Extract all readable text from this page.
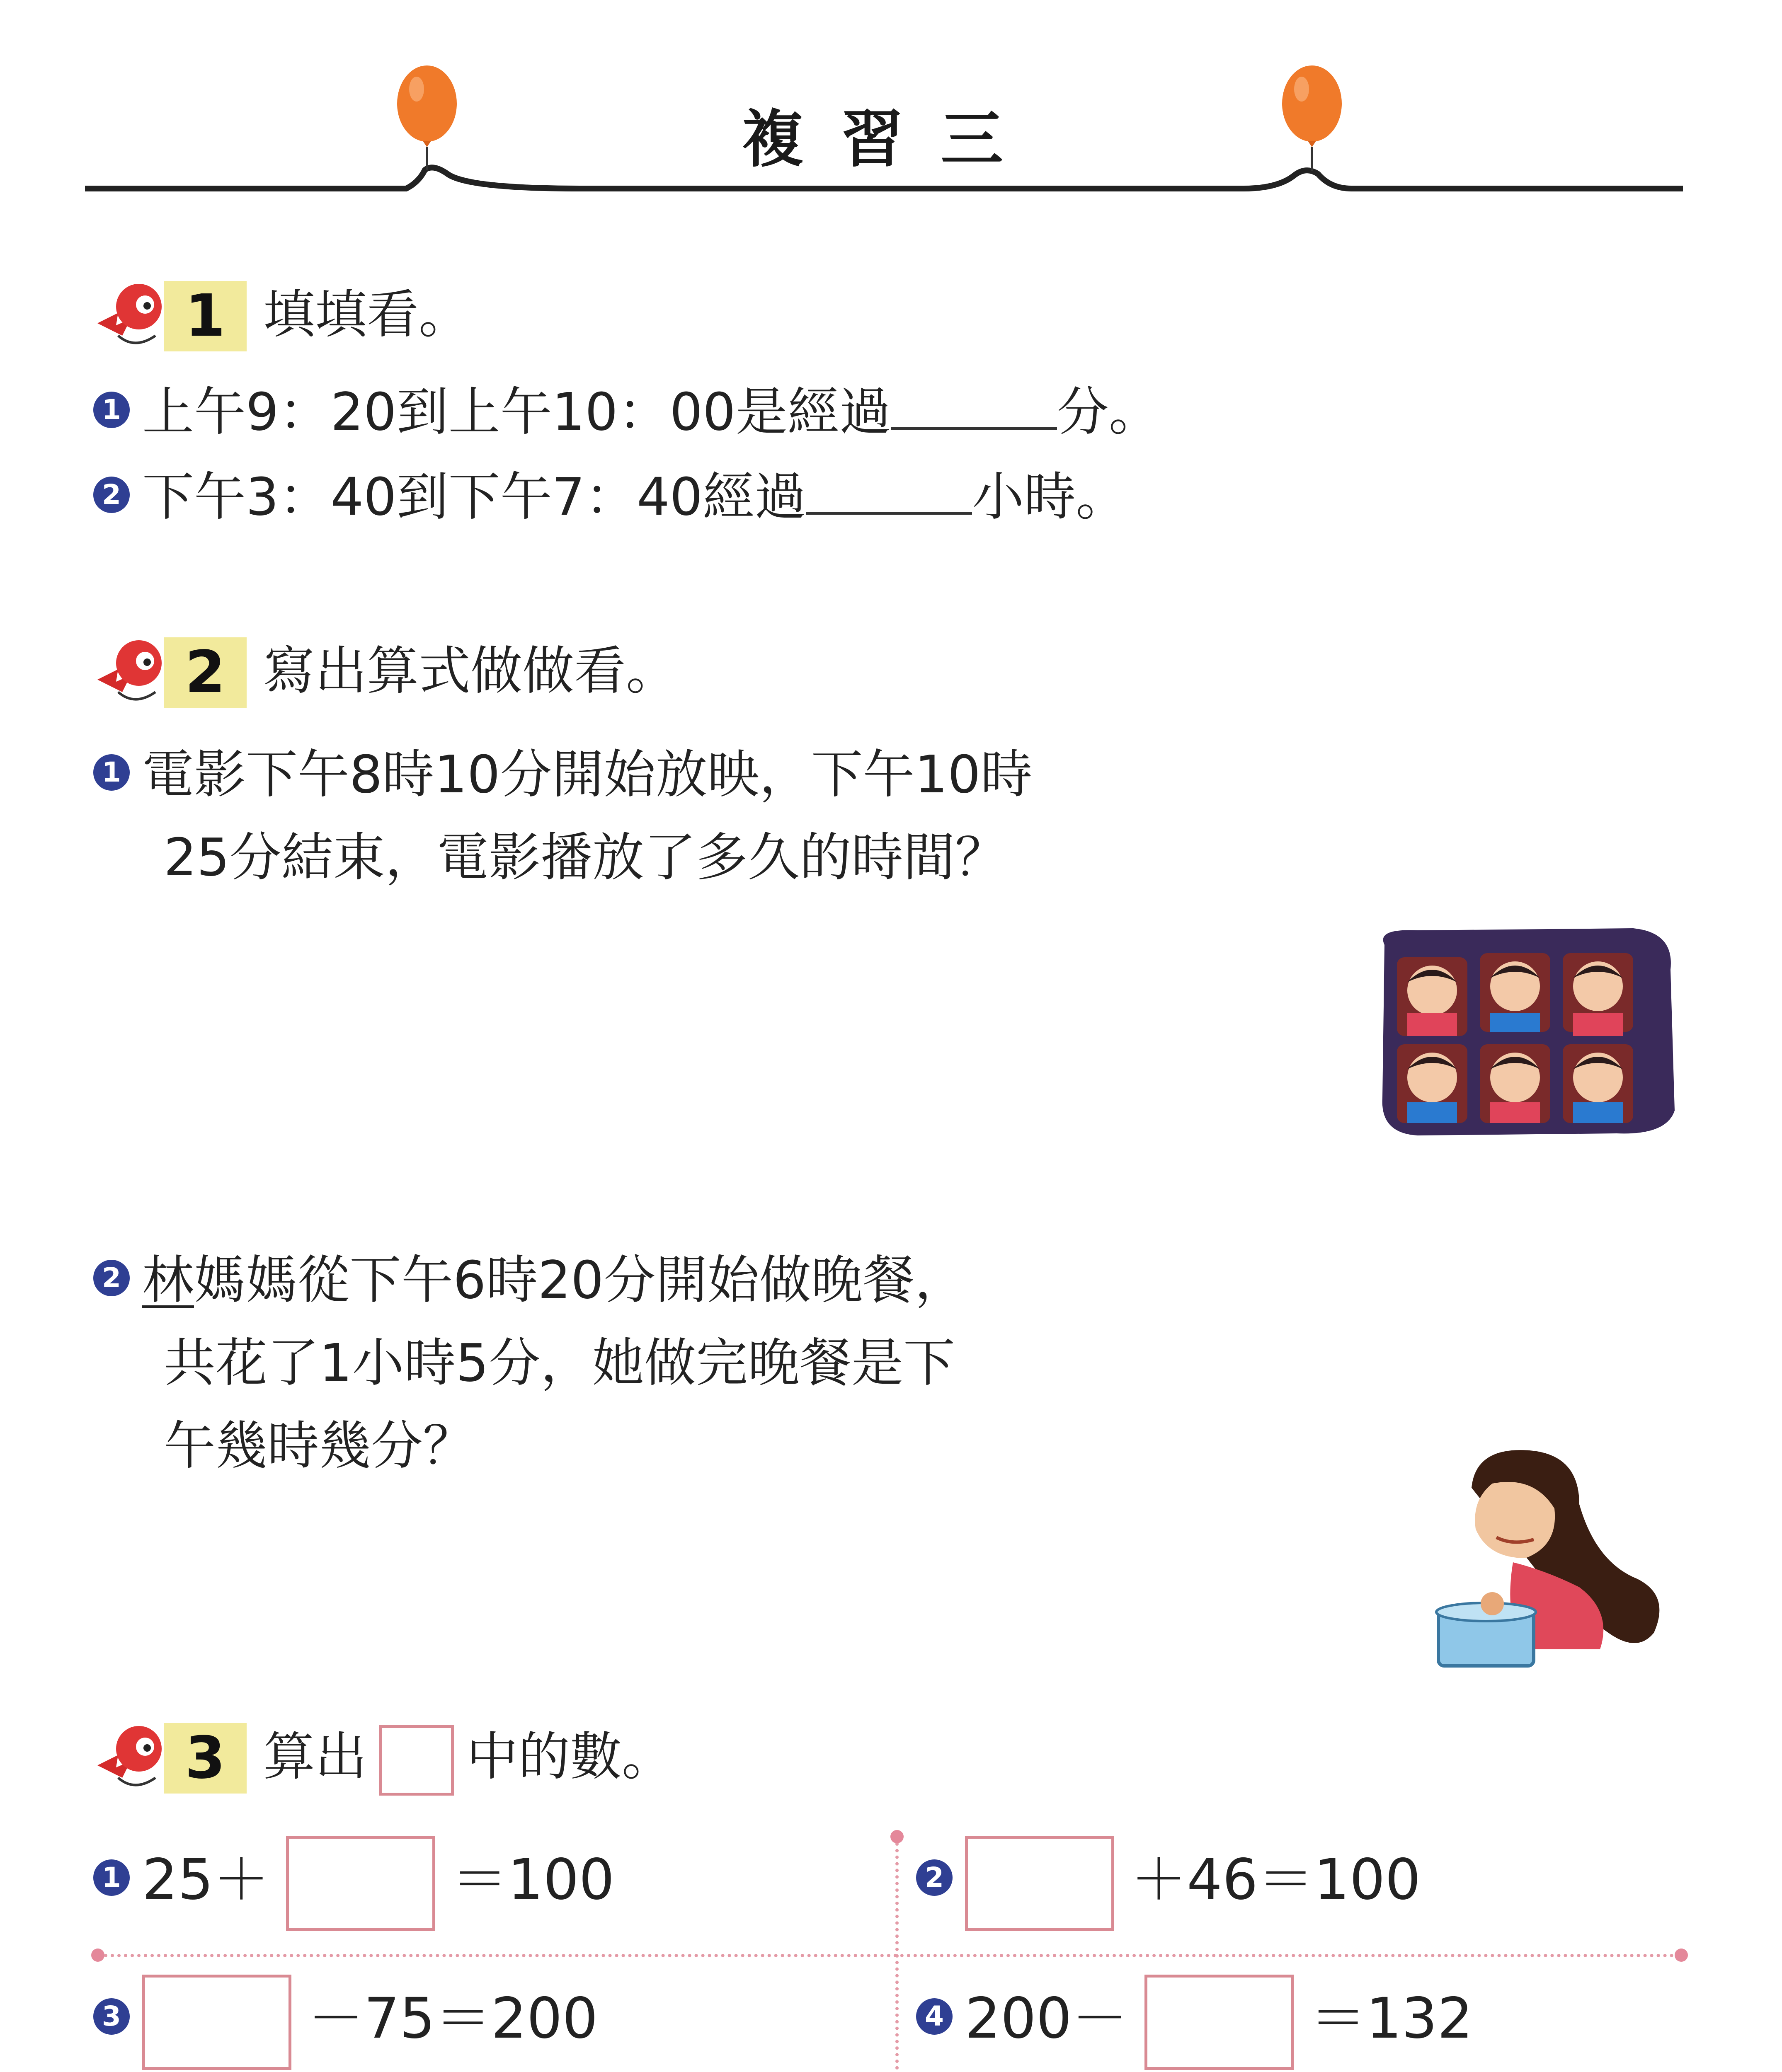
複習三
1 填填看。
1 上午9：20到上午10：00是經過	分。
2 下午3：40到下午7：40經過	小時。
2 寫出算式做做看。
1 電影下午8時10分開始放映，下午10時
25分結束，電影播放了多久的時間？
2 林媽媽從下午6時20分開始做晚餐，
共花了1小時5分，她做完晚餐是下
午幾時幾分？
3 算出 中的數。
1 25＋	＝100	2	＋46＝100
3	－75＝200	4 200－	＝132
